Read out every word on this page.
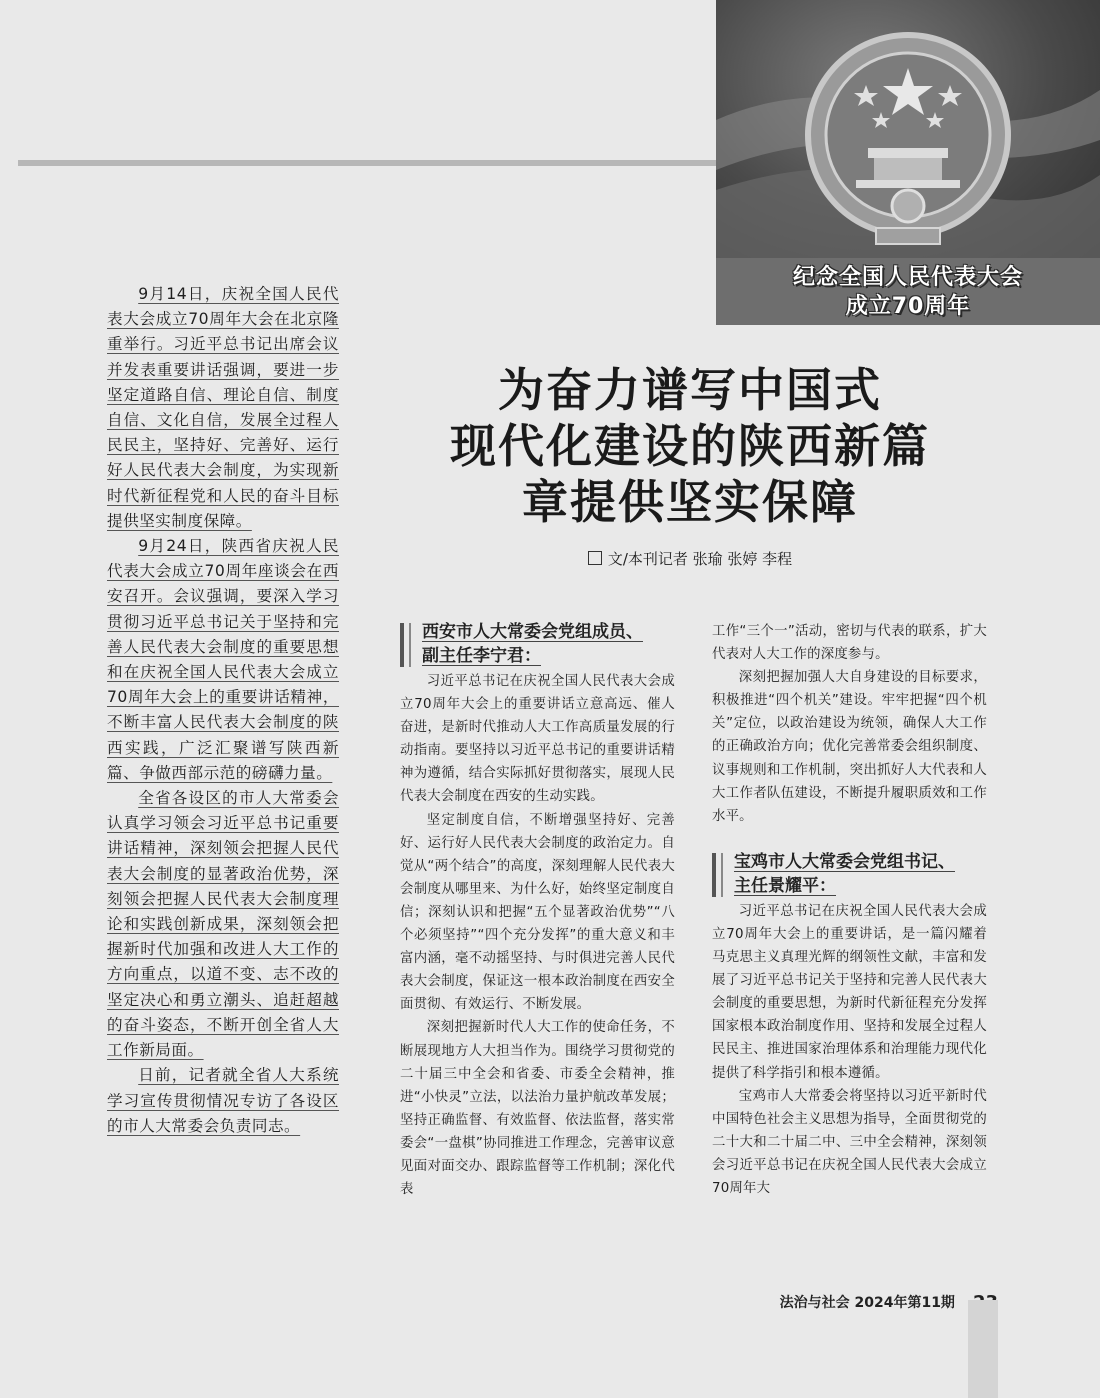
纪念全国人民代表大会
成立70周年
为奋力谱写中国式
现代化建设的陕西新篇
章提供坚实保障
文/本刊记者 张瑜 张婷 李程

9月14日，庆祝全国人民代表大会成立70周年大会在北京隆重举行。习近平总书记出席会议并发表重要讲话强调，要进一步坚定道路自信、理论自信、制度自信、文化自信，发展全过程人民民主，坚持好、完善好、运行好人民代表大会制度，为实现新时代新征程党和人民的奋斗目标提供坚实制度保障。

9月24日，陕西省庆祝人民代表大会成立70周年座谈会在西安召开。会议强调，要深入学习贯彻习近平总书记关于坚持和完善人民代表大会制度的重要思想和在庆祝全国人民代表大会成立70周年大会上的重要讲话精神，不断丰富人民代表大会制度的陕西实践，广泛汇聚谱写陕西新篇、争做西部示范的磅礴力量。

全省各设区的市人大常委会认真学习领会习近平总书记重要讲话精神，深刻领会把握人民代表大会制度的显著政治优势，深刻领会把握人民代表大会制度理论和实践创新成果，深刻领会把握新时代加强和改进人大工作的方向重点，以道不变、志不改的坚定决心和勇立潮头、追赶超越的奋斗姿态，不断开创全省人大工作新局面。

日前，记者就全省人大系统学习宣传贯彻情况专访了各设区的市人大常委会负责同志。

西安市人大常委会党组成员、
副主任李宁君：

习近平总书记在庆祝全国人民代表大会成立70周年大会上的重要讲话立意高远、催人奋进，是新时代推动人大工作高质量发展的行动指南。要坚持以习近平总书记的重要讲话精神为遵循，结合实际抓好贯彻落实，展现人民代表大会制度在西安的生动实践。

坚定制度自信，不断增强坚持好、完善好、运行好人民代表大会制度的政治定力。自觉从“两个结合”的高度，深刻理解人民代表大会制度从哪里来、为什么好，始终坚定制度自信；深刻认识和把握“五个显著政治优势”“八个必须坚持”“四个充分发挥”的重大意义和丰富内涵，毫不动摇坚持、与时俱进完善人民代表大会制度，保证这一根本政治制度在西安全面贯彻、有效运行、不断发展。

深刻把握新时代人大工作的使命任务，不断展现地方人大担当作为。围绕学习贯彻党的二十届三中全会和省委、市委全会精神，推进“小快灵”立法，以法治力量护航改革发展；坚持正确监督、有效监督、依法监督，落实常委会“一盘棋”协同推进工作理念，完善审议意见面对面交办、跟踪监督等工作机制；深化代表

工作“三个一”活动，密切与代表的联系，扩大代表对人大工作的深度参与。

深刻把握加强人大自身建设的目标要求，积极推进“四个机关”建设。牢牢把握“四个机关”定位，以政治建设为统领，确保人大工作的正确政治方向；优化完善常委会组织制度、议事规则和工作机制，突出抓好人大代表和人大工作者队伍建设，不断提升履职质效和工作水平。

宝鸡市人大常委会党组书记、
主任景耀平：

习近平总书记在庆祝全国人民代表大会成立70周年大会上的重要讲话，是一篇闪耀着马克思主义真理光辉的纲领性文献，丰富和发展了习近平总书记关于坚持和完善人民代表大会制度的重要思想，为新时代新征程充分发挥国家根本政治制度作用、坚持和发展全过程人民民主、推进国家治理体系和治理能力现代化提供了科学指引和根本遵循。

宝鸡市人大常委会将坚持以习近平新时代中国特色社会主义思想为指导，全面贯彻党的二十大和二十届二中、三中全会精神，深刻领会习近平总书记在庆祝全国人民代表大会成立70周年大

法治与社会 2024年第11期
